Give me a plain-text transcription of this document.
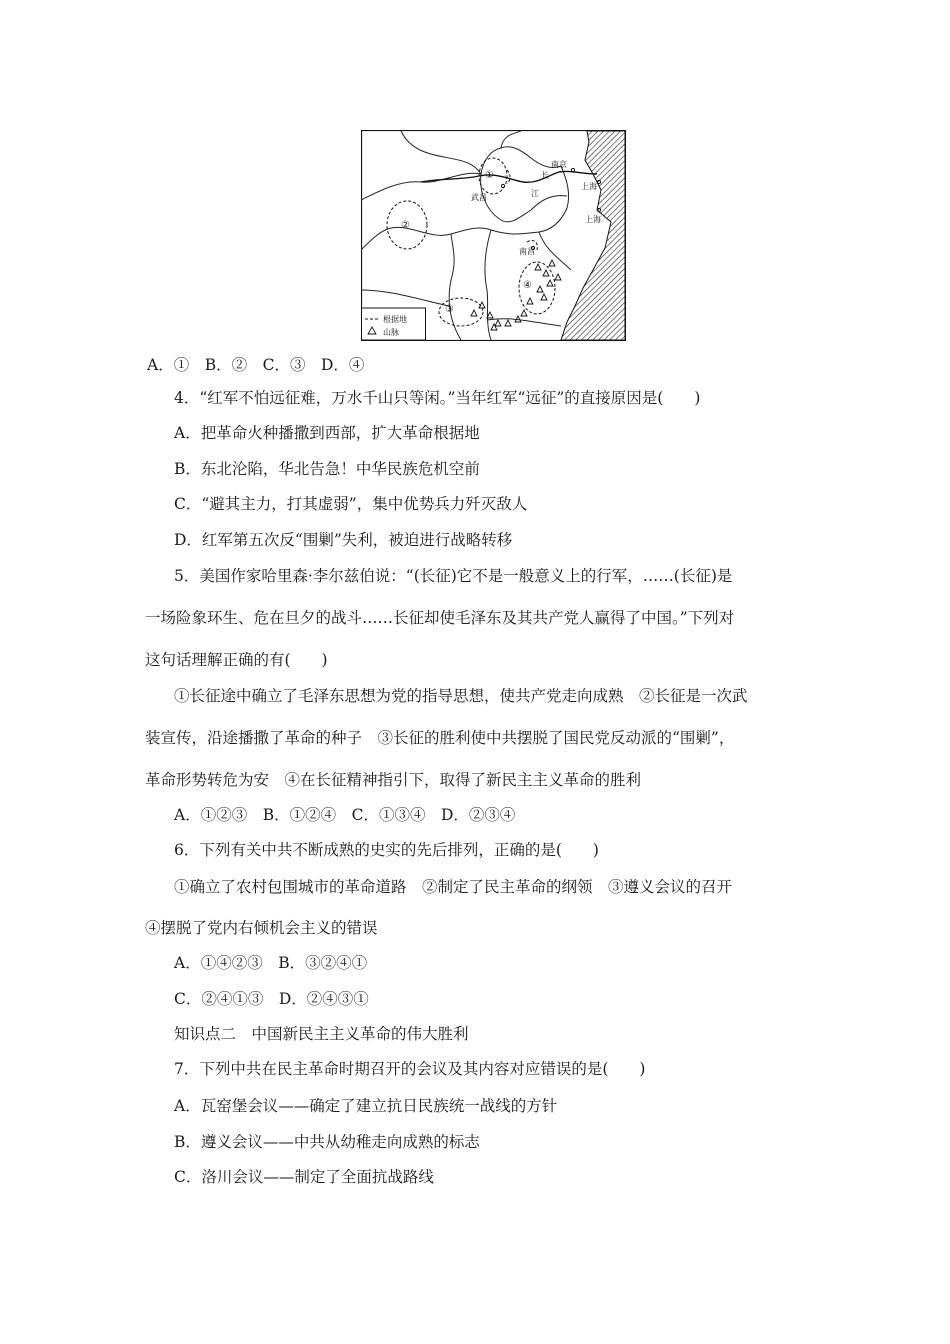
南京
武昌
上海
上海
南昌
长
江
①
②
③
④
根据地
山脉
A．①　B．②　C．③　D．④
4．“红军不怕远征难，万水千山只等闲。”当年红军“远征”的直接原因是(　　)
A．把革命火种播撒到西部，扩大革命根据地
B．东北沦陷，华北告急！中华民族危机空前
C．“避其主力，打其虚弱”，集中优势兵力歼灭敌人
D．红军第五次反“围剿”失利，被迫进行战略转移
5．美国作家哈里森·李尔兹伯说：“(长征)它不是一般意义上的行军，……(长征)是
一场险象环生、危在旦夕的战斗……长征却使毛泽东及其共产党人赢得了中国。”下列对
这句话理解正确的有(　　)
①长征途中确立了毛泽东思想为党的指导思想，使共产党走向成熟　②长征是一次武
装宣传，沿途播撒了革命的种子　③长征的胜利使中共摆脱了国民党反动派的“围剿”，
革命形势转危为安　④在长征精神指引下，取得了新民主主义革命的胜利
A．①②③　B．①②④　C．①③④　D．②③④
6．下列有关中共不断成熟的史实的先后排列，正确的是(　　)
①确立了农村包围城市的革命道路　②制定了民主革命的纲领　③遵义会议的召开
④摆脱了党内右倾机会主义的错误
A．①④②③　B．③②④①
C．②④①③　D．②④③①
知识点二　中国新民主主义革命的伟大胜利
7．下列中共在民主革命时期召开的会议及其内容对应错误的是(　　)
A．瓦窑堡会议——确定了建立抗日民族统一战线的方针
B．遵义会议——中共从幼稚走向成熟的标志
C．洛川会议——制定了全面抗战路线
